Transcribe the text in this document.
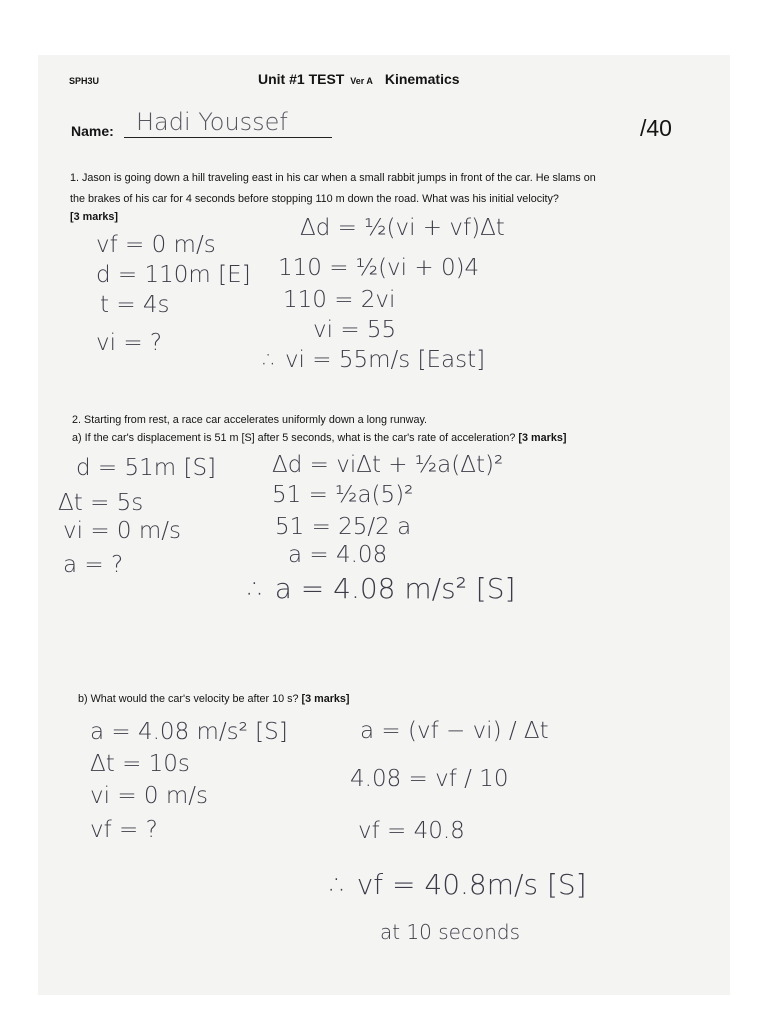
SPH3U	Unit #1 TEST Ver A Kinematics
Name: Hadi Youssef	/40
1. Jason is going down a hill traveling east in his car when a small rabbit jumps in front of the car. He slams on
the brakes of his car for 4 seconds before stopping 110 m down the road. What was his initial velocity?
[3 marks]
vf = 0 m/s
d = 110m [E]
t = 4s
vi = ?
Δd = ½(vi + vf)Δt
110 = ½(vi + 0)4
110 = 2vi
vi = 55
∴ vi = 55m/s [East]
2. Starting from rest, a race car accelerates uniformly down a long runway.
a) If the car's displacement is 51 m [S] after 5 seconds, what is the car's rate of acceleration? [3 marks]
d = 51m [S]
Δt = 5s
vi = 0 m/s
a = ?
Δd = viΔt + ½a(Δt)²
51 = ½a(5)²
51 = 25/2 a
a = 4.08
∴ a = 4.08 m/s² [S]
b) What would the car's velocity be after 10 s? [3 marks]
a = 4.08 m/s² [S]
Δt = 10s
vi = 0 m/s
vf = ?
a = (vf − vi) / Δt
4.08 = vf / 10
vf = 40.8
∴ vf = 40.8m/s [S]
at 10 seconds
